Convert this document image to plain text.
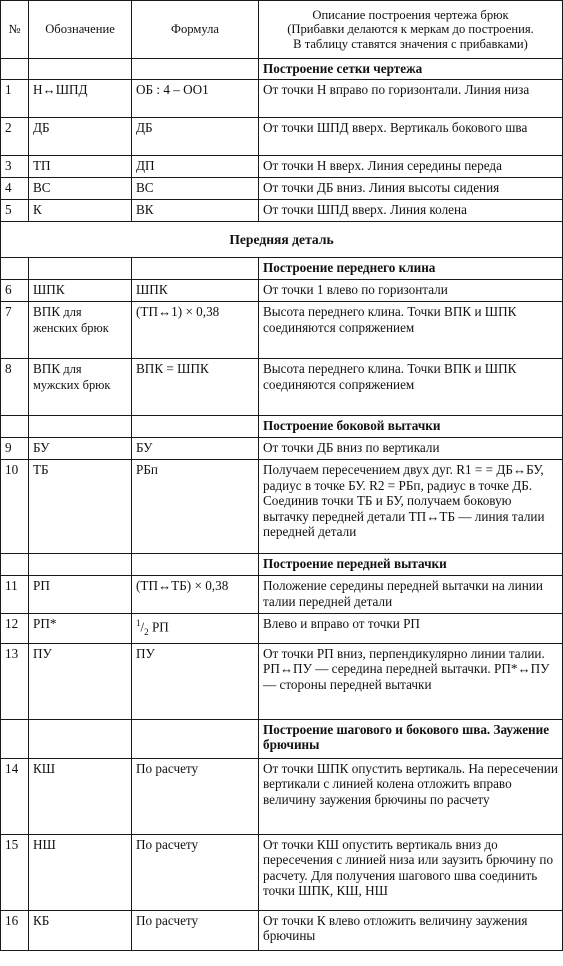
№	Обозначение	Формула	Описание построения чертежа брюк
(Прибавки делаются к меркам до построения.
В таблицу ставятся значения с прибавками)

			Построение сетки чертежа
1	Н↔ШПД	ОБ : 4 – ОО1	От точки Н вправо по горизонтали. Линия низа
2	ДБ	ДБ	От точки ШПД вверх. Вертикаль бокового шва
3	ТП	ДП	От точки Н вверх. Линия середины переда
4	ВС	ВС	От точки ДБ вниз. Линия высоты сидения
5	К	ВК	От точки ШПД вверх. Линия колена
Передняя деталь			
			Построение переднего клина
6	ШПК	ШПК	От точки 1 влево по горизонтали
7	ВПК для женских брюк	(ТП↔1) × 0,38	Высота переднего клина. Точки ВПК и ШПК соединяются сопряжением
8	ВПК для мужских брюк	ВПК = ШПК	Высота переднего клина. Точки ВПК и ШПК соединяются сопряжением
			Построение боковой вытачки
9	БУ	БУ	От точки ДБ вниз по вертикали
10	ТБ	РБп	Получаем пересечением двух дуг. R1 = = ДБ↔БУ, радиус в точке БУ. R2 = РБп, радиус в точке ДБ. Соединив точки ТБ и БУ, получаем боковую вытачку передней детали ТП↔ТБ — линия талии передней детали
			Построение передней вытачки
11	РП	(ТП↔ТБ) × 0,38	Положение середины передней вытачки на линии талии передней детали
12	РП*	$^1/_2$ РП	Влево и вправо от точки РП
13	ПУ	ПУ	От точки РП вниз, перпендикулярно линии талии. РП↔ПУ — середина передней вытачки. РП*↔ПУ — стороны передней вытачки
			Построение шагового и бокового шва. Заужение брючины
14	КШ	По расчету	От точки ШПК опустить вертикаль. На пересечении вертикали с линией колена отложить вправо величину заужения брючины по расчету
15	НШ	По расчету	От точки КШ опустить вертикаль вниз до пересечения с линией низа или заузить брючину по расчету. Для получения шагового шва соединить точки ШПК, КШ, НШ
16	КБ	По расчету	От точки К влево отложить величину заужения брючины
